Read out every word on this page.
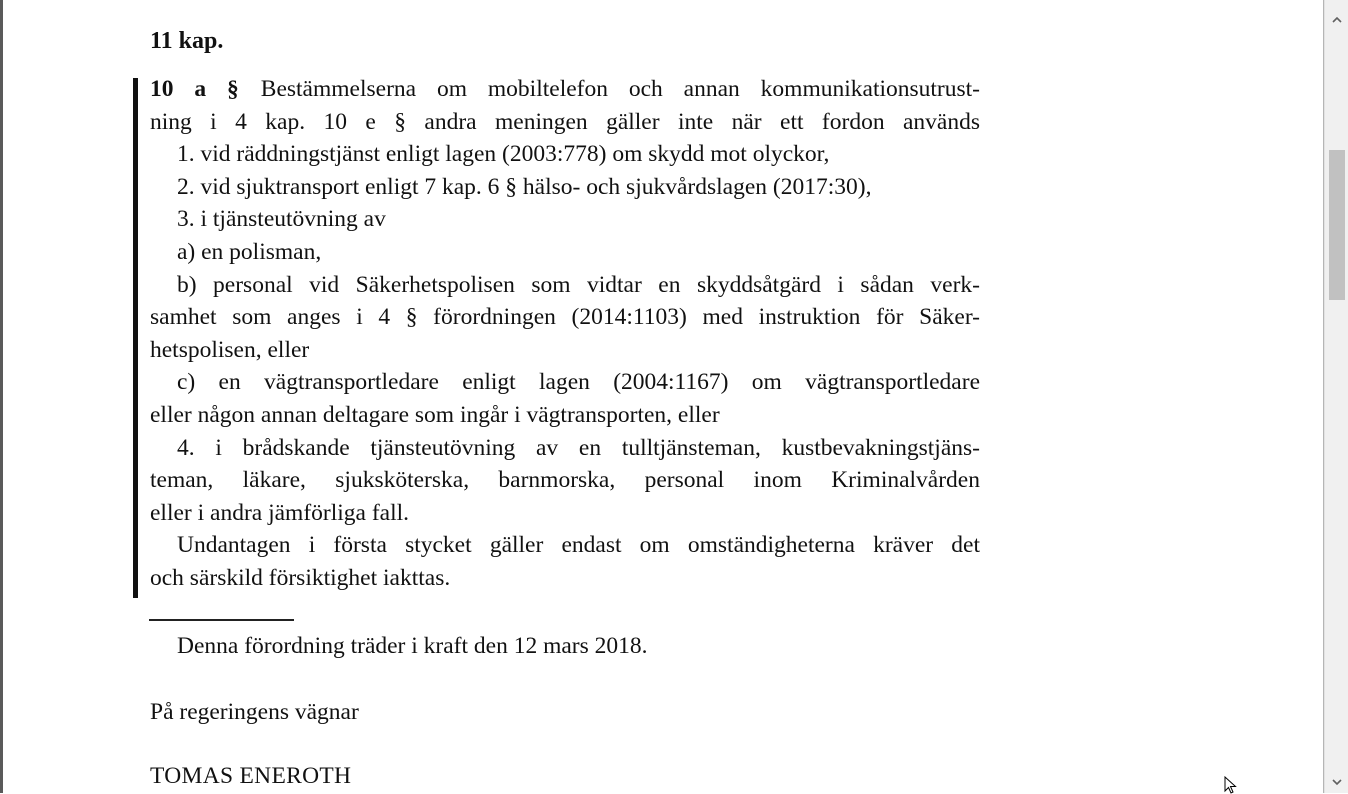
11 kap.
10 a § Bestämmelserna om mobiltelefon och annan kommunikationsutrust-
ning i 4 kap. 10 e § andra meningen gäller inte när ett fordon används
1. vid räddningstjänst enligt lagen (2003:778) om skydd mot olyckor,
2. vid sjuktransport enligt 7 kap. 6 § hälso- och sjukvårdslagen (2017:30),
3. i tjänsteutövning av
a) en polisman,
b) personal vid Säkerhetspolisen som vidtar en skyddsåtgärd i sådan verk-
samhet som anges i 4 § förordningen (2014:1103) med instruktion för Säker-
hetspolisen, eller
c) en vägtransportledare enligt lagen (2004:1167) om vägtransportledare
eller någon annan deltagare som ingår i vägtransporten, eller
4. i brådskande tjänsteutövning av en tulltjänsteman, kustbevakningstjäns-
teman, läkare, sjuksköterska, barnmorska, personal inom Kriminalvården
eller i andra jämförliga fall.
Undantagen i första stycket gäller endast om omständigheterna kräver det
och särskild försiktighet iakttas.
Denna förordning träder i kraft den 12 mars 2018.
På regeringens vägnar
TOMAS ENEROTH
